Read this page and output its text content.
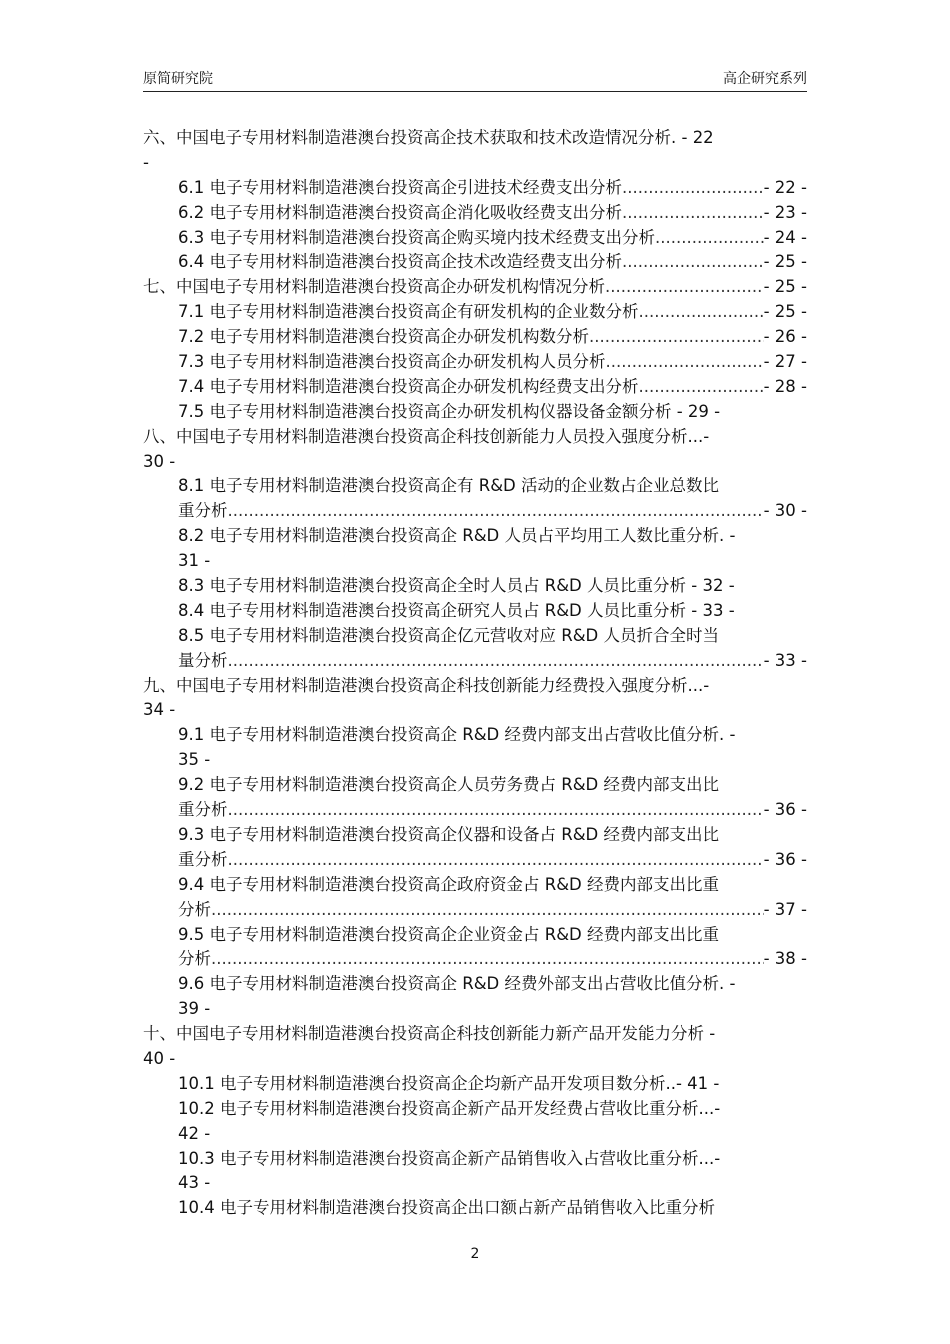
原简研究院	高企研究系列
六、中国电子专用材料制造港澳台投资高企技术获取和技术改造情况分析. - 22
-
6.1 电子专用材料制造港澳台投资高企引进技术经费支出分析 .....	- 22 -
6.2 电子专用材料制造港澳台投资高企消化吸收经费支出分析 .....	- 23 -
6.3 电子专用材料制造港澳台投资高企购买境内技术经费支出分析 .....	- 24 -
6.4 电子专用材料制造港澳台投资高企技术改造经费支出分析 .....	- 25 -
七、中国电子专用材料制造港澳台投资高企办研发机构情况分析 .....	- 25 -
7.1 电子专用材料制造港澳台投资高企有研发机构的企业数分析 .....	- 25 -
7.2 电子专用材料制造港澳台投资高企办研发机构数分析 .....	- 26 -
7.3 电子专用材料制造港澳台投资高企办研发机构人员分析 .....	- 27 -
7.4 电子专用材料制造港澳台投资高企办研发机构经费支出分析 .....	- 28 -
7.5 电子专用材料制造港澳台投资高企办研发机构仪器设备金额分析 - 29 -
八、中国电子专用材料制造港澳台投资高企科技创新能力人员投入强度分析...-
30 -
8.1 电子专用材料制造港澳台投资高企有 R&D 活动的企业数占企业总数比
重分析 .....	- 30 -
8.2 电子专用材料制造港澳台投资高企 R&D 人员占平均用工人数比重分析. -
31 -
8.3 电子专用材料制造港澳台投资高企全时人员占 R&D 人员比重分析 - 32 -
8.4 电子专用材料制造港澳台投资高企研究人员占 R&D 人员比重分析 - 33 -
8.5 电子专用材料制造港澳台投资高企亿元营收对应 R&D 人员折合全时当
量分析 .....	- 33 -
九、中国电子专用材料制造港澳台投资高企科技创新能力经费投入强度分析...-
34 -
9.1 电子专用材料制造港澳台投资高企 R&D 经费内部支出占营收比值分析. -
35 -
9.2 电子专用材料制造港澳台投资高企人员劳务费占 R&D 经费内部支出比
重分析 .....	- 36 -
9.3 电子专用材料制造港澳台投资高企仪器和设备占 R&D 经费内部支出比
重分析 .....	- 36 -
9.4 电子专用材料制造港澳台投资高企政府资金占 R&D 经费内部支出比重
分析 .....	- 37 -
9.5 电子专用材料制造港澳台投资高企企业资金占 R&D 经费内部支出比重
分析 .....	- 38 -
9.6 电子专用材料制造港澳台投资高企 R&D 经费外部支出占营收比值分析. -
39 -
十、中国电子专用材料制造港澳台投资高企科技创新能力新产品开发能力分析 -
40 -
10.1 电子专用材料制造港澳台投资高企企均新产品开发项目数分析..- 41 -
10.2 电子专用材料制造港澳台投资高企新产品开发经费占营收比重分析...-
42 -
10.3 电子专用材料制造港澳台投资高企新产品销售收入占营收比重分析...-
43 -
10.4 电子专用材料制造港澳台投资高企出口额占新产品销售收入比重分析
2
